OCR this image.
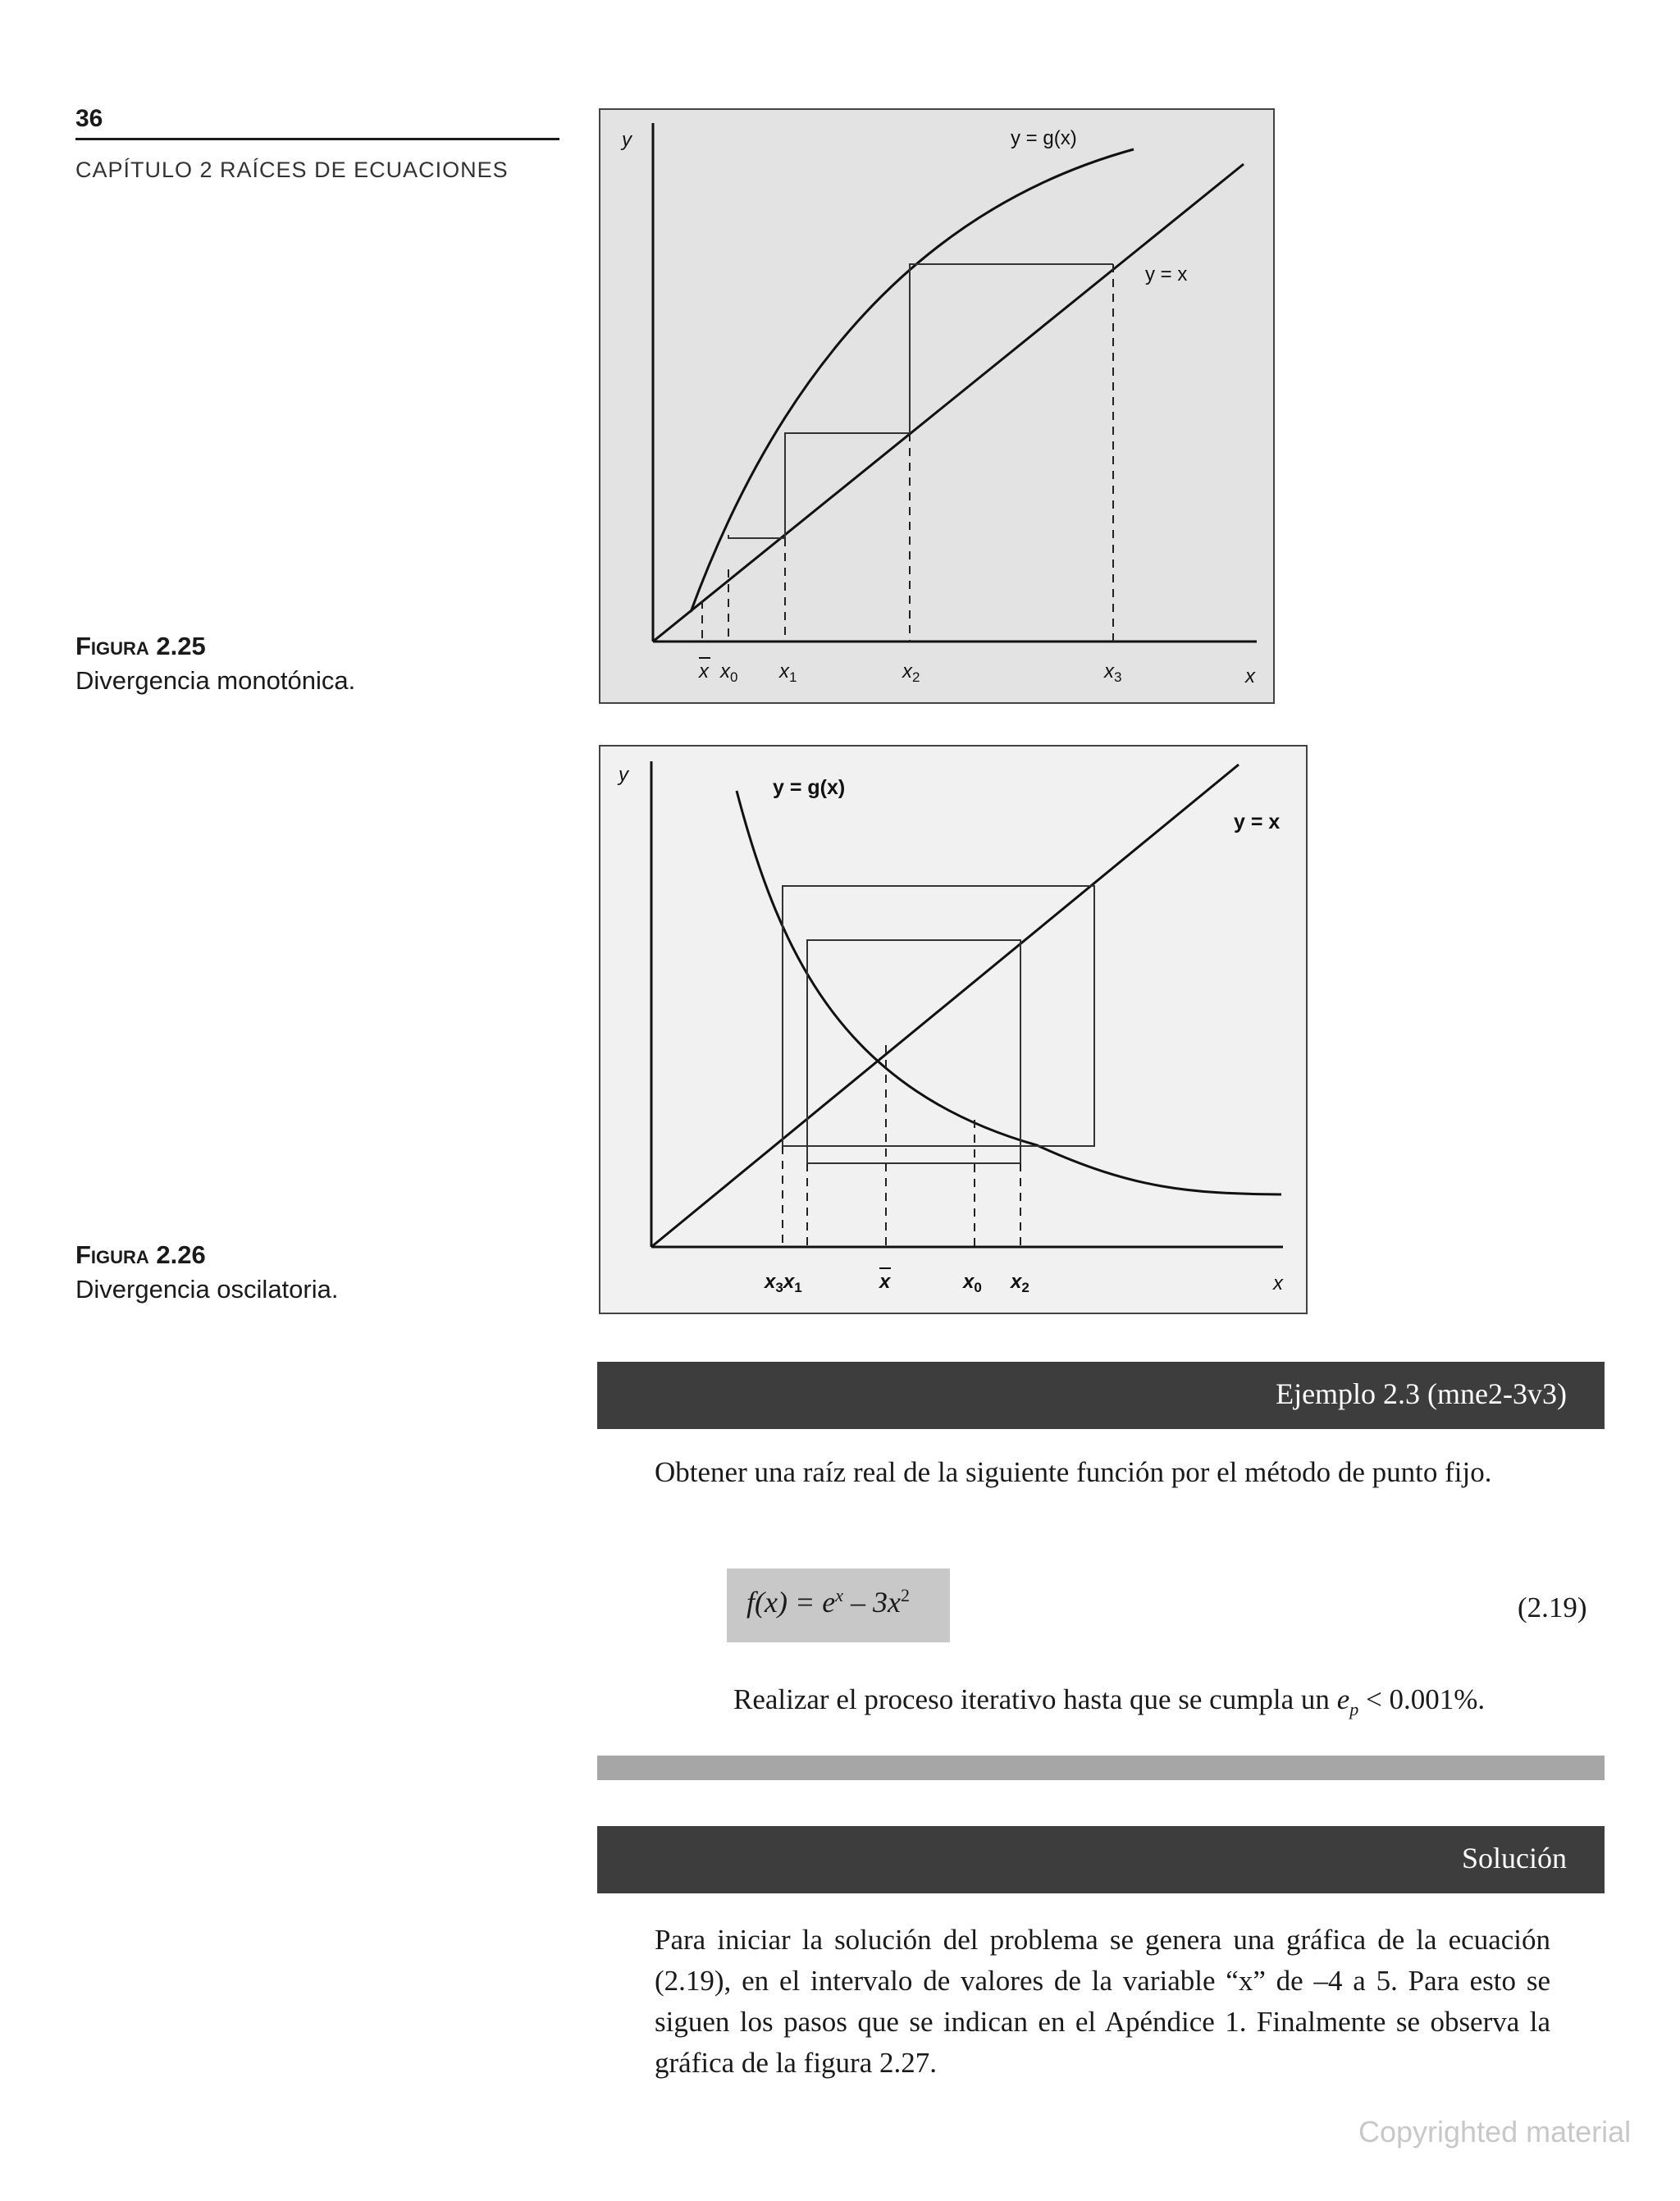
36
CAPÍTULO 2 RAÍCES DE ECUACIONES
y
x
y = g(x)
y = x
x $x_0$ $x_1$	$x_2$	$x_3$
Figura 2.25
Divergencia monotónica.
y
x
y = g(x)
y = x
$x_3x_1$	x	$x_0$ $x_2$
Figura 2.26
Divergencia oscilatoria.
Ejemplo 2.3 (mne2-3v3)
Obtener una raíz real de la siguiente función por el método de punto fijo.
$f(x) = e^x - 3x^2$	(2.19)
Realizar el proceso iterativo hasta que se cumpla un $e_p < 0.001\%$.
Solución
Para iniciar la solución del problema se genera una gráfica de la ecuación (2.19), en el intervalo de valores de la variable “x” de –4 a 5. Para esto se siguen los pasos que se indican en el Apéndice 1. Finalmente se observa la gráfica de la figura 2.27.
Copyrighted material
